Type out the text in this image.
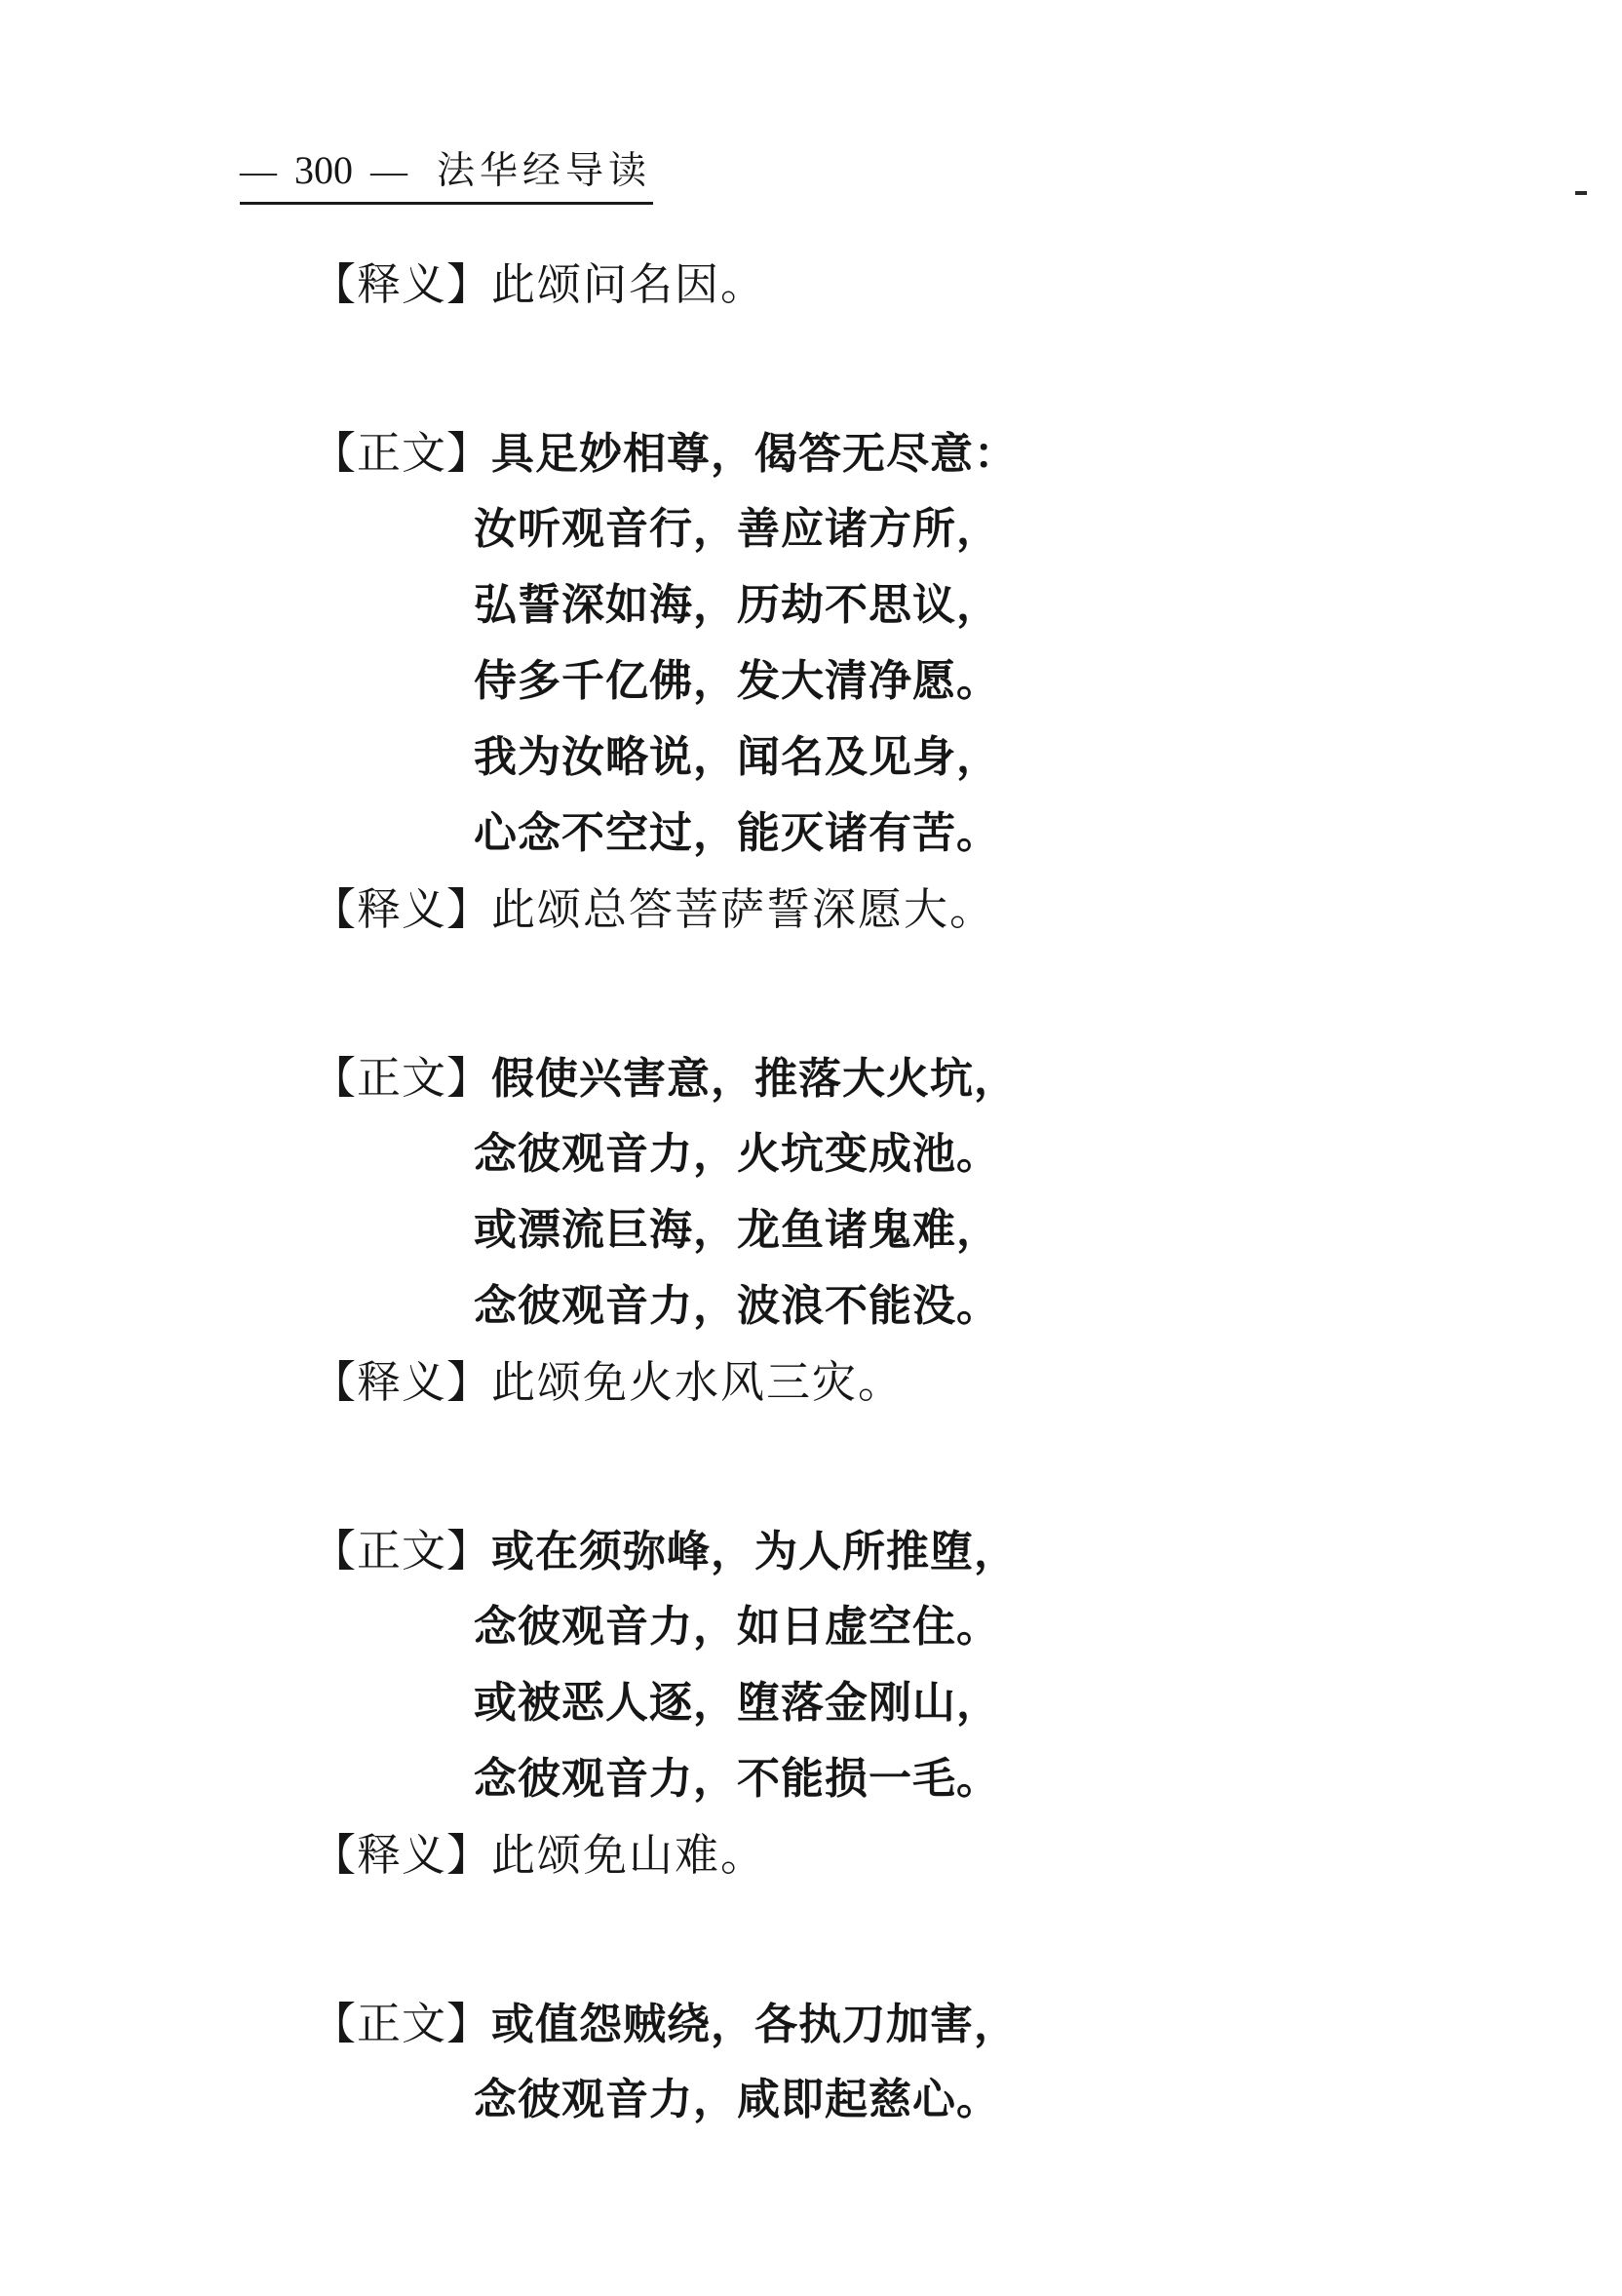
— 300 — 法华经导读
【释义】此颂问名因。
【正文】具足妙相尊，偈答无尽意：
汝听观音行，善应诸方所，
弘誓深如海，历劫不思议，
侍多千亿佛，发大清净愿。
我为汝略说，闻名及见身，
心念不空过，能灭诸有苦。
【释义】此颂总答菩萨誓深愿大。
【正文】假使兴害意，推落大火坑，
念彼观音力，火坑变成池。
或漂流巨海，龙鱼诸鬼难，
念彼观音力，波浪不能没。
【释义】此颂免火水风三灾。
【正文】或在须弥峰，为人所推堕，
念彼观音力，如日虚空住。
或被恶人逐，堕落金刚山，
念彼观音力，不能损一毛。
【释义】此颂免山难。
【正文】或值怨贼绕，各执刀加害，
念彼观音力，咸即起慈心。
